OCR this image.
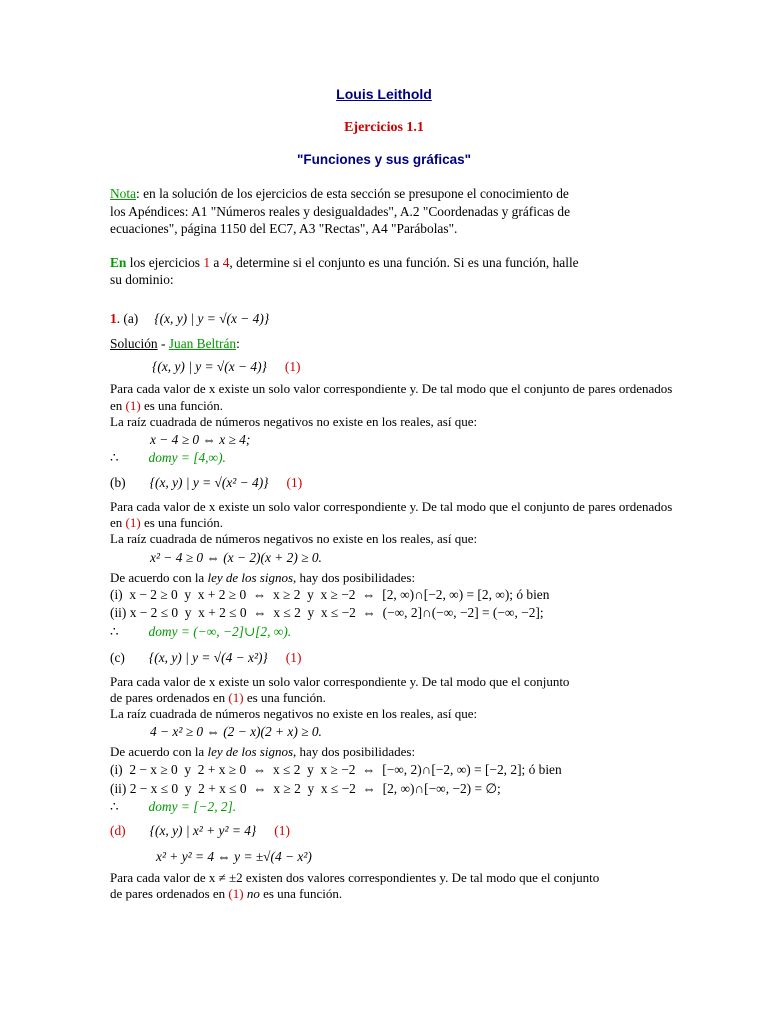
Louis Leithold
Ejercicios 1.1
"Funciones y sus gráficas"
Nota: en la solución de los ejercicios de esta sección se presupone el conocimiento de
los Apéndices: A1 "Números reales y desigualdades", A.2 "Coordenadas y gráficas de
ecuaciones", página 1150 del EC7, A3 "Rectas", A4 "Parábolas".
En los ejercicios 1 a 4, determine si el conjunto es una función. Si es una función, halle
su dominio:
1. (a) {(x, y) | y = √(x − 4)}
Solución - Juan Beltrán:
{(x, y) | y = √(x − 4)} (1)
Para cada valor de x existe un solo valor correspondiente y. De tal modo que el conjunto de pares ordenados
en (1) es una función.
La raíz cuadrada de números negativos no existe en los reales, así que:
x − 4 ≥ 0 ⇔ x ≥ 4;
∴ domy = [4,∞).
(b) {(x, y) | y = √(x² − 4)} (1)
Para cada valor de x existe un solo valor correspondiente y. De tal modo que el conjunto de pares ordenados
en (1) es una función.
La raíz cuadrada de números negativos no existe en los reales, así que:
x² − 4 ≥ 0 ⇔ (x − 2)(x + 2) ≥ 0.
De acuerdo con la ley de los signos, hay dos posibilidades:
(i)  x − 2 ≥ 0  y  x + 2 ≥ 0  ⇔  x ≥ 2  y  x ≥ −2  ⇔  [2, ∞)∩[−2, ∞) = [2, ∞); ó bien
(ii) x − 2 ≤ 0  y  x + 2 ≤ 0  ⇔  x ≤ 2  y  x ≤ −2  ⇔  (−∞, 2]∩(−∞, −2] = (−∞, −2];
∴ domy = (−∞, −2]∪[2, ∞).
(c) {(x, y) | y = √(4 − x²)} (1)
Para cada valor de x existe un solo valor correspondiente y. De tal modo que el conjunto
de pares ordenados en (1) es una función.
La raíz cuadrada de números negativos no existe en los reales, así que:
4 − x² ≥ 0 ⇔ (2 − x)(2 + x) ≥ 0.
De acuerdo con la ley de los signos, hay dos posibilidades:
(i)  2 − x ≥ 0  y  2 + x ≥ 0  ⇔  x ≤ 2  y  x ≥ −2  ⇔  [−∞, 2)∩[−2, ∞) = [−2, 2]; ó bien
(ii) 2 − x ≤ 0  y  2 + x ≤ 0  ⇔  x ≥ 2  y  x ≤ −2  ⇔  [2, ∞)∩[−∞, −2) = ∅;
∴ domy = [−2, 2].
(d) {(x, y) | x² + y² = 4} (1)
x² + y² = 4 ⇔ y = ±√(4 − x²)
Para cada valor de x ≠ ±2 existen dos valores correspondientes y. De tal modo que el conjunto
de pares ordenados en (1) no es una función.
